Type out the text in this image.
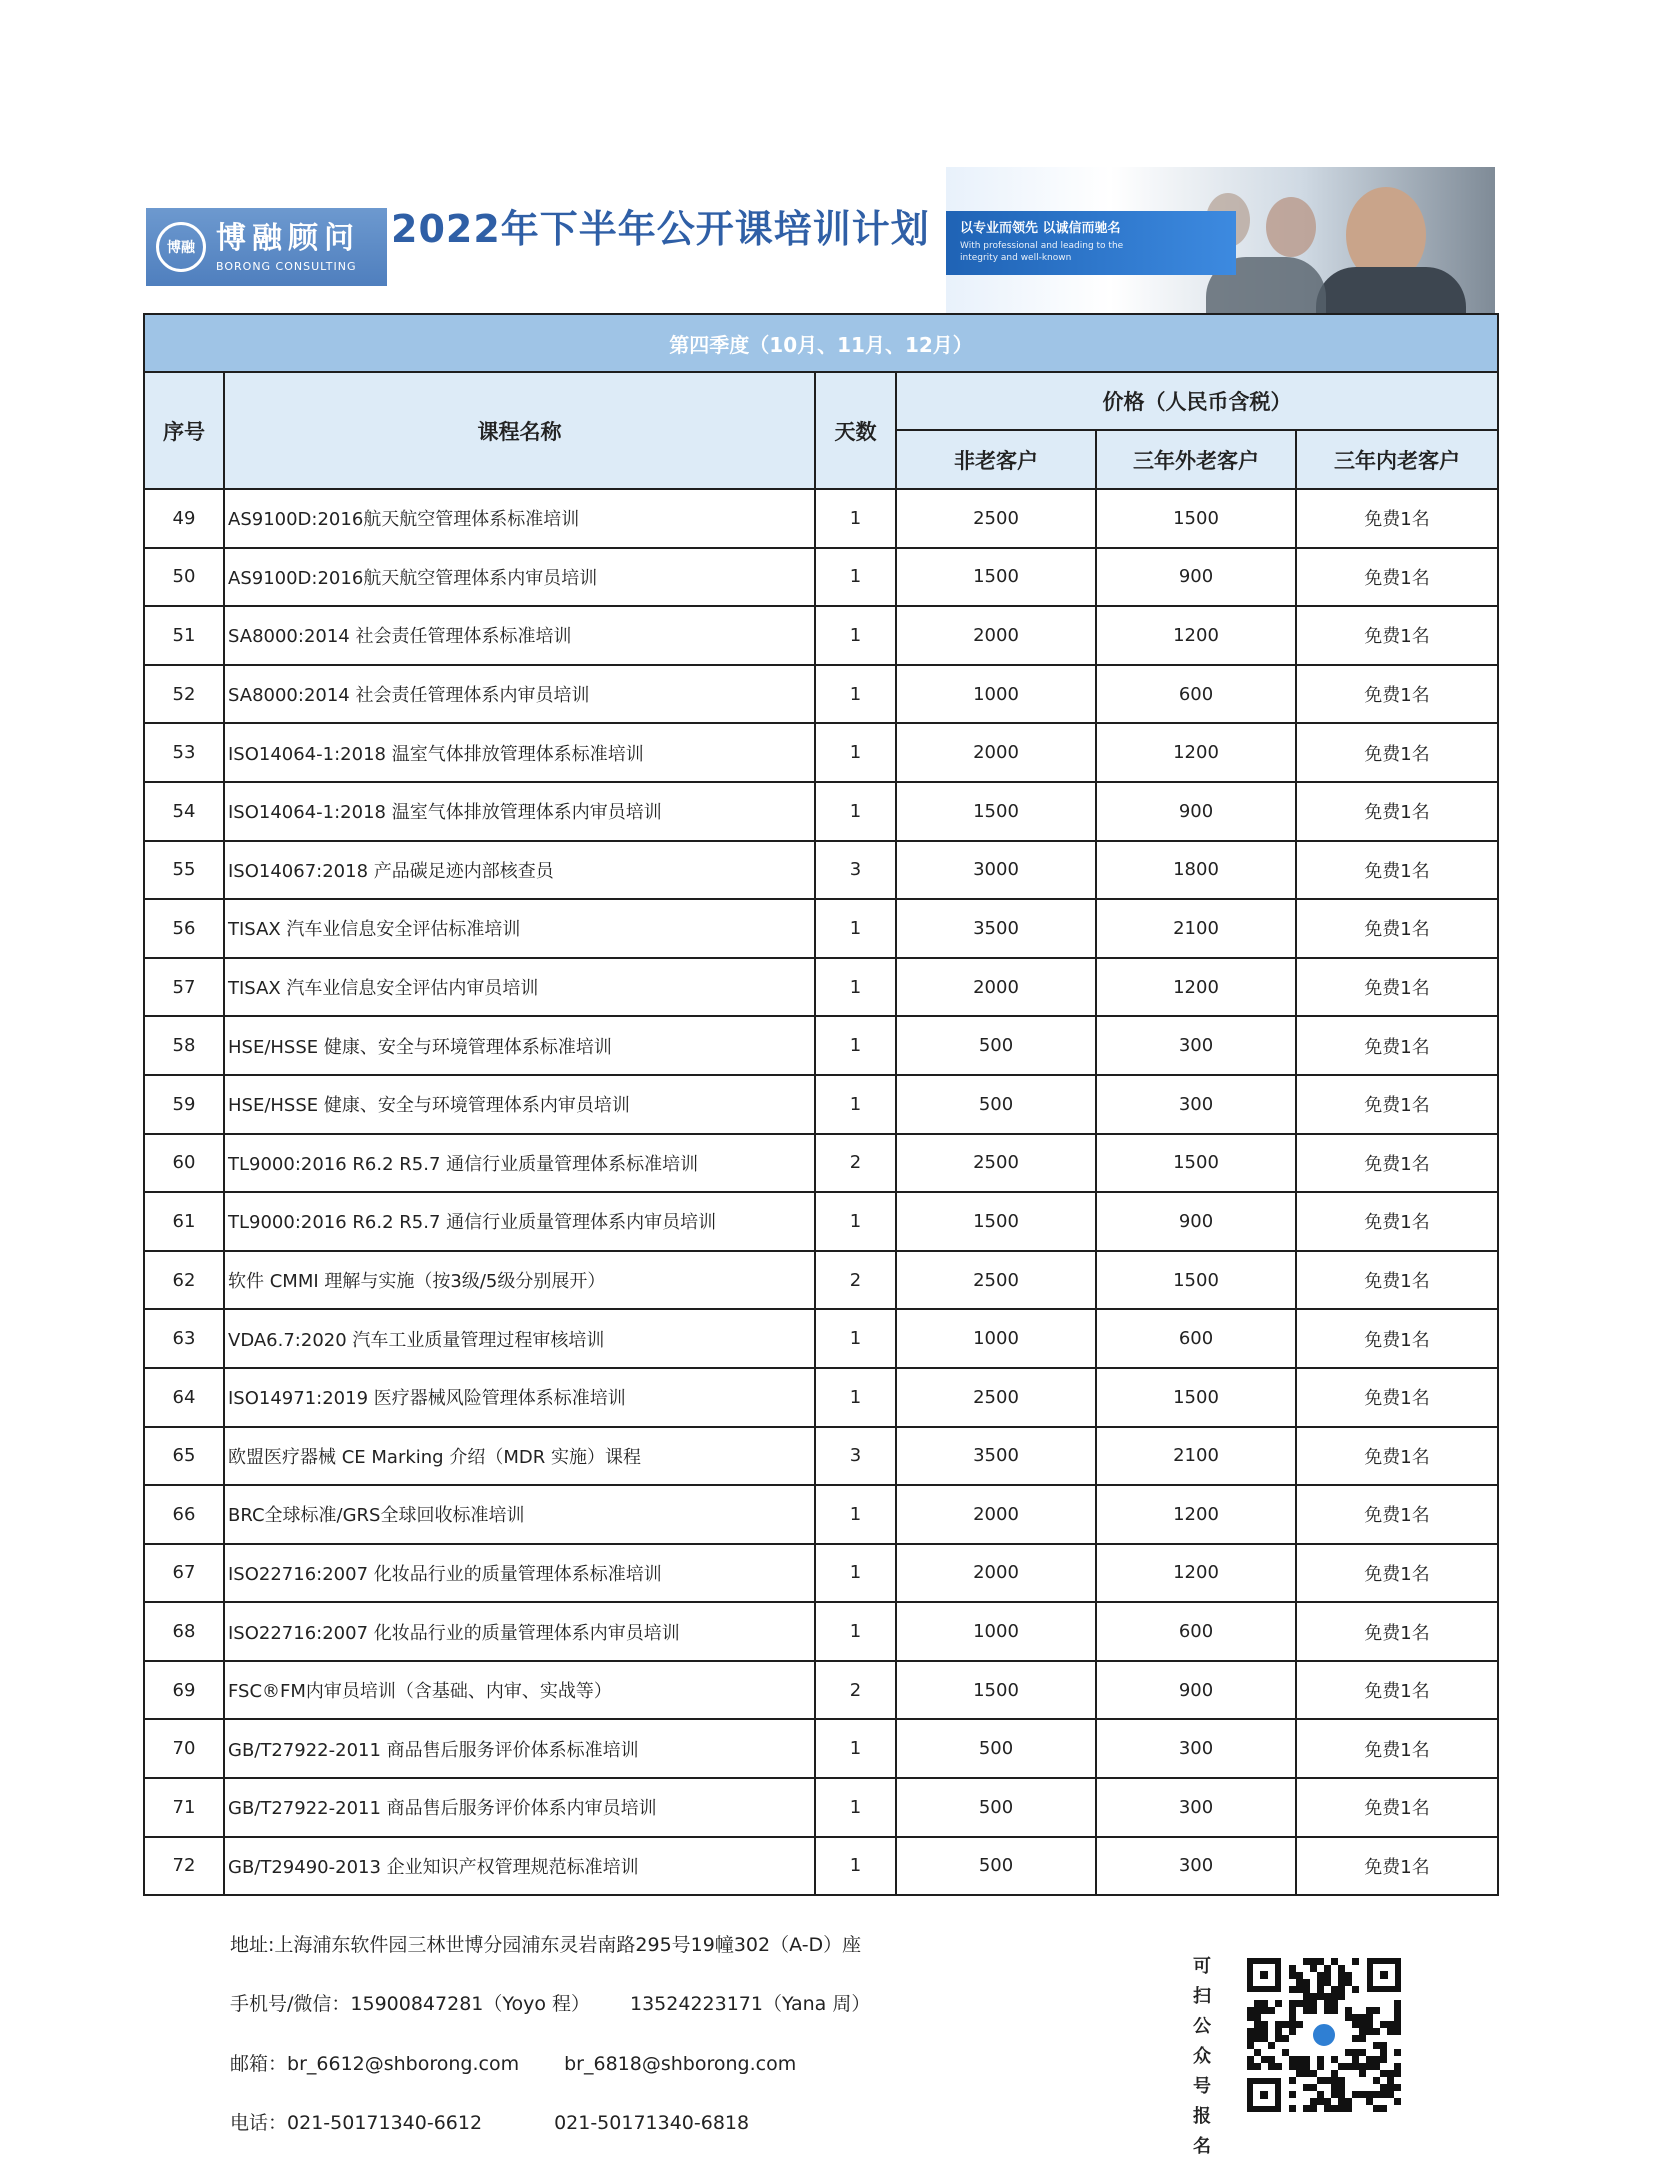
博融 博融顾问
BORONG CONSULTING
2022年下半年公开课培训计划 以专业而领先 以诚信而驰名
With professional and leading to the integrity and well-known
第四季度（10月、11月、12月）					
序号	课程名称	天数	价格（人民币含税）		
			非老客户	三年外老客户	三年内老客户
49	AS9100D:2016航天航空管理体系标准培训	1	2500	1500	免费1名
50	AS9100D:2016航天航空管理体系内审员培训	1	1500	900	免费1名
51	SA8000:2014 社会责任管理体系标准培训	1	2000	1200	免费1名
52	SA8000:2014 社会责任管理体系内审员培训	1	1000	600	免费1名
53	ISO14064-1:2018 温室气体排放管理体系标准培训	1	2000	1200	免费1名
54	ISO14064-1:2018 温室气体排放管理体系内审员培训	1	1500	900	免费1名
55	ISO14067:2018 产品碳足迹内部核查员	3	3000	1800	免费1名
56	TISAX 汽车业信息安全评估标准培训	1	3500	2100	免费1名
57	TISAX 汽车业信息安全评估内审员培训	1	2000	1200	免费1名
58	HSE/HSSE 健康、安全与环境管理体系标准培训	1	500	300	免费1名
59	HSE/HSSE 健康、安全与环境管理体系内审员培训	1	500	300	免费1名
60	TL9000:2016 R6.2 R5.7 通信行业质量管理体系标准培训	2	2500	1500	免费1名
61	TL9000:2016 R6.2 R5.7 通信行业质量管理体系内审员培训	1	1500	900	免费1名
62	软件 CMMI 理解与实施（按3级/5级分别展开）	2	2500	1500	免费1名
63	VDA6.7:2020 汽车工业质量管理过程审核培训	1	1000	600	免费1名
64	ISO14971:2019 医疗器械风险管理体系标准培训	1	2500	1500	免费1名
65	欧盟医疗器械 CE Marking 介绍（MDR 实施）课程	3	3500	2100	免费1名
66	BRC全球标准/GRS全球回收标准培训	1	2000	1200	免费1名
67	ISO22716:2007 化妆品行业的质量管理体系标准培训	1	2000	1200	免费1名
68	ISO22716:2007 化妆品行业的质量管理体系内审员培训	1	1000	600	免费1名
69	FSC®FM内审员培训（含基础、内审、实战等）	2	1500	900	免费1名
70	GB/T27922-2011 商品售后服务评价体系标准培训	1	500	300	免费1名
71	GB/T27922-2011 商品售后服务评价体系内审员培训	1	500	300	免费1名
72	GB/T29490-2013 企业知识产权管理规范标准培训	1	500	300	免费1名
地址:上海浦东软件园三林世博分园浦东灵岩南路295号19幢302（A-D）座
手机号/微信：15900847281（Yoyo 程） 13524223171（Yana 周）
邮箱：br_6612@shborong.com br_6818@shborong.com
电话：021-50171340-6612	021-50171340-6818
可扫公众号报名
